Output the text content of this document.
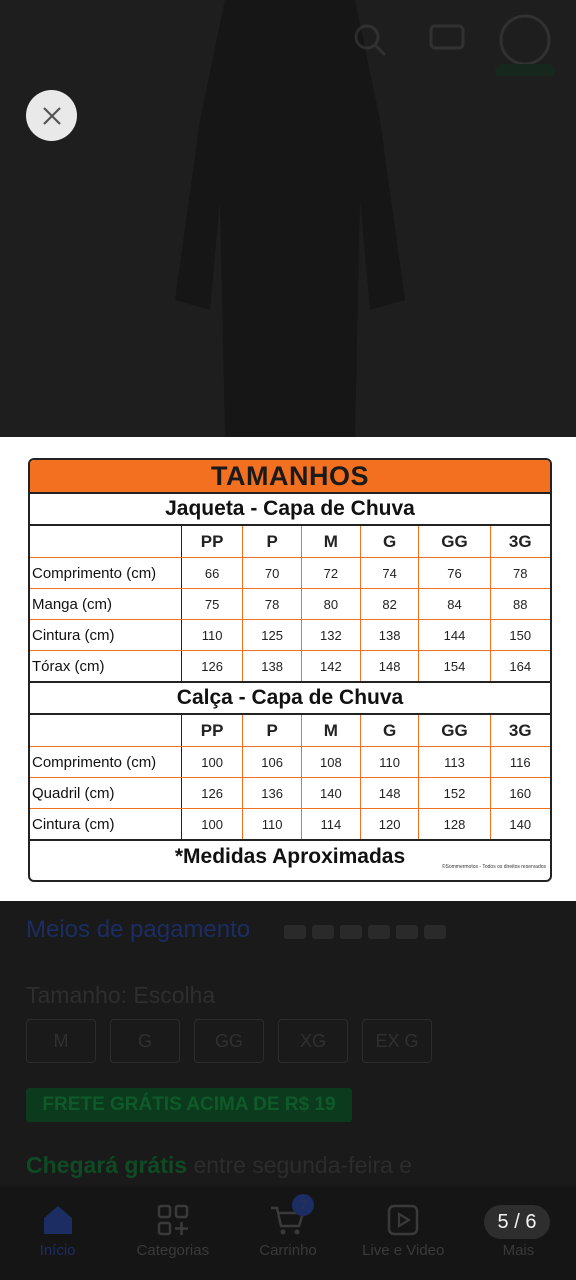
TAMANHOS
Jaqueta - Capa de Chuva
	PP	P	M	G	GG	3G
Comprimento (cm)	66	70	72	74	76	78
Manga (cm)	75	78	80	82	84	88
Cintura (cm)	110	125	132	138	144	150
Tórax (cm)	126	138	142	148	154	164
Calça - Capa de Chuva
	PP	P	M	G	GG	3G
Comprimento (cm)	100	106	108	110	113	116
Quadril (cm)	126	136	140	148	152	160
Cintura (cm)	100	110	114	120	128	140
*Medidas Aproximadas	©Sommermotos - Todos os direitos reservados
Meios de pagamento
Tamanho: Escolha
M	G	GG	XG	EX G
FRETE GRÁTIS ACIMA DE R$ 19
Chegará grátis entre segunda-feira e
Início	Categorias
7
Carrinho	Live e Video	Mais
5 / 6
